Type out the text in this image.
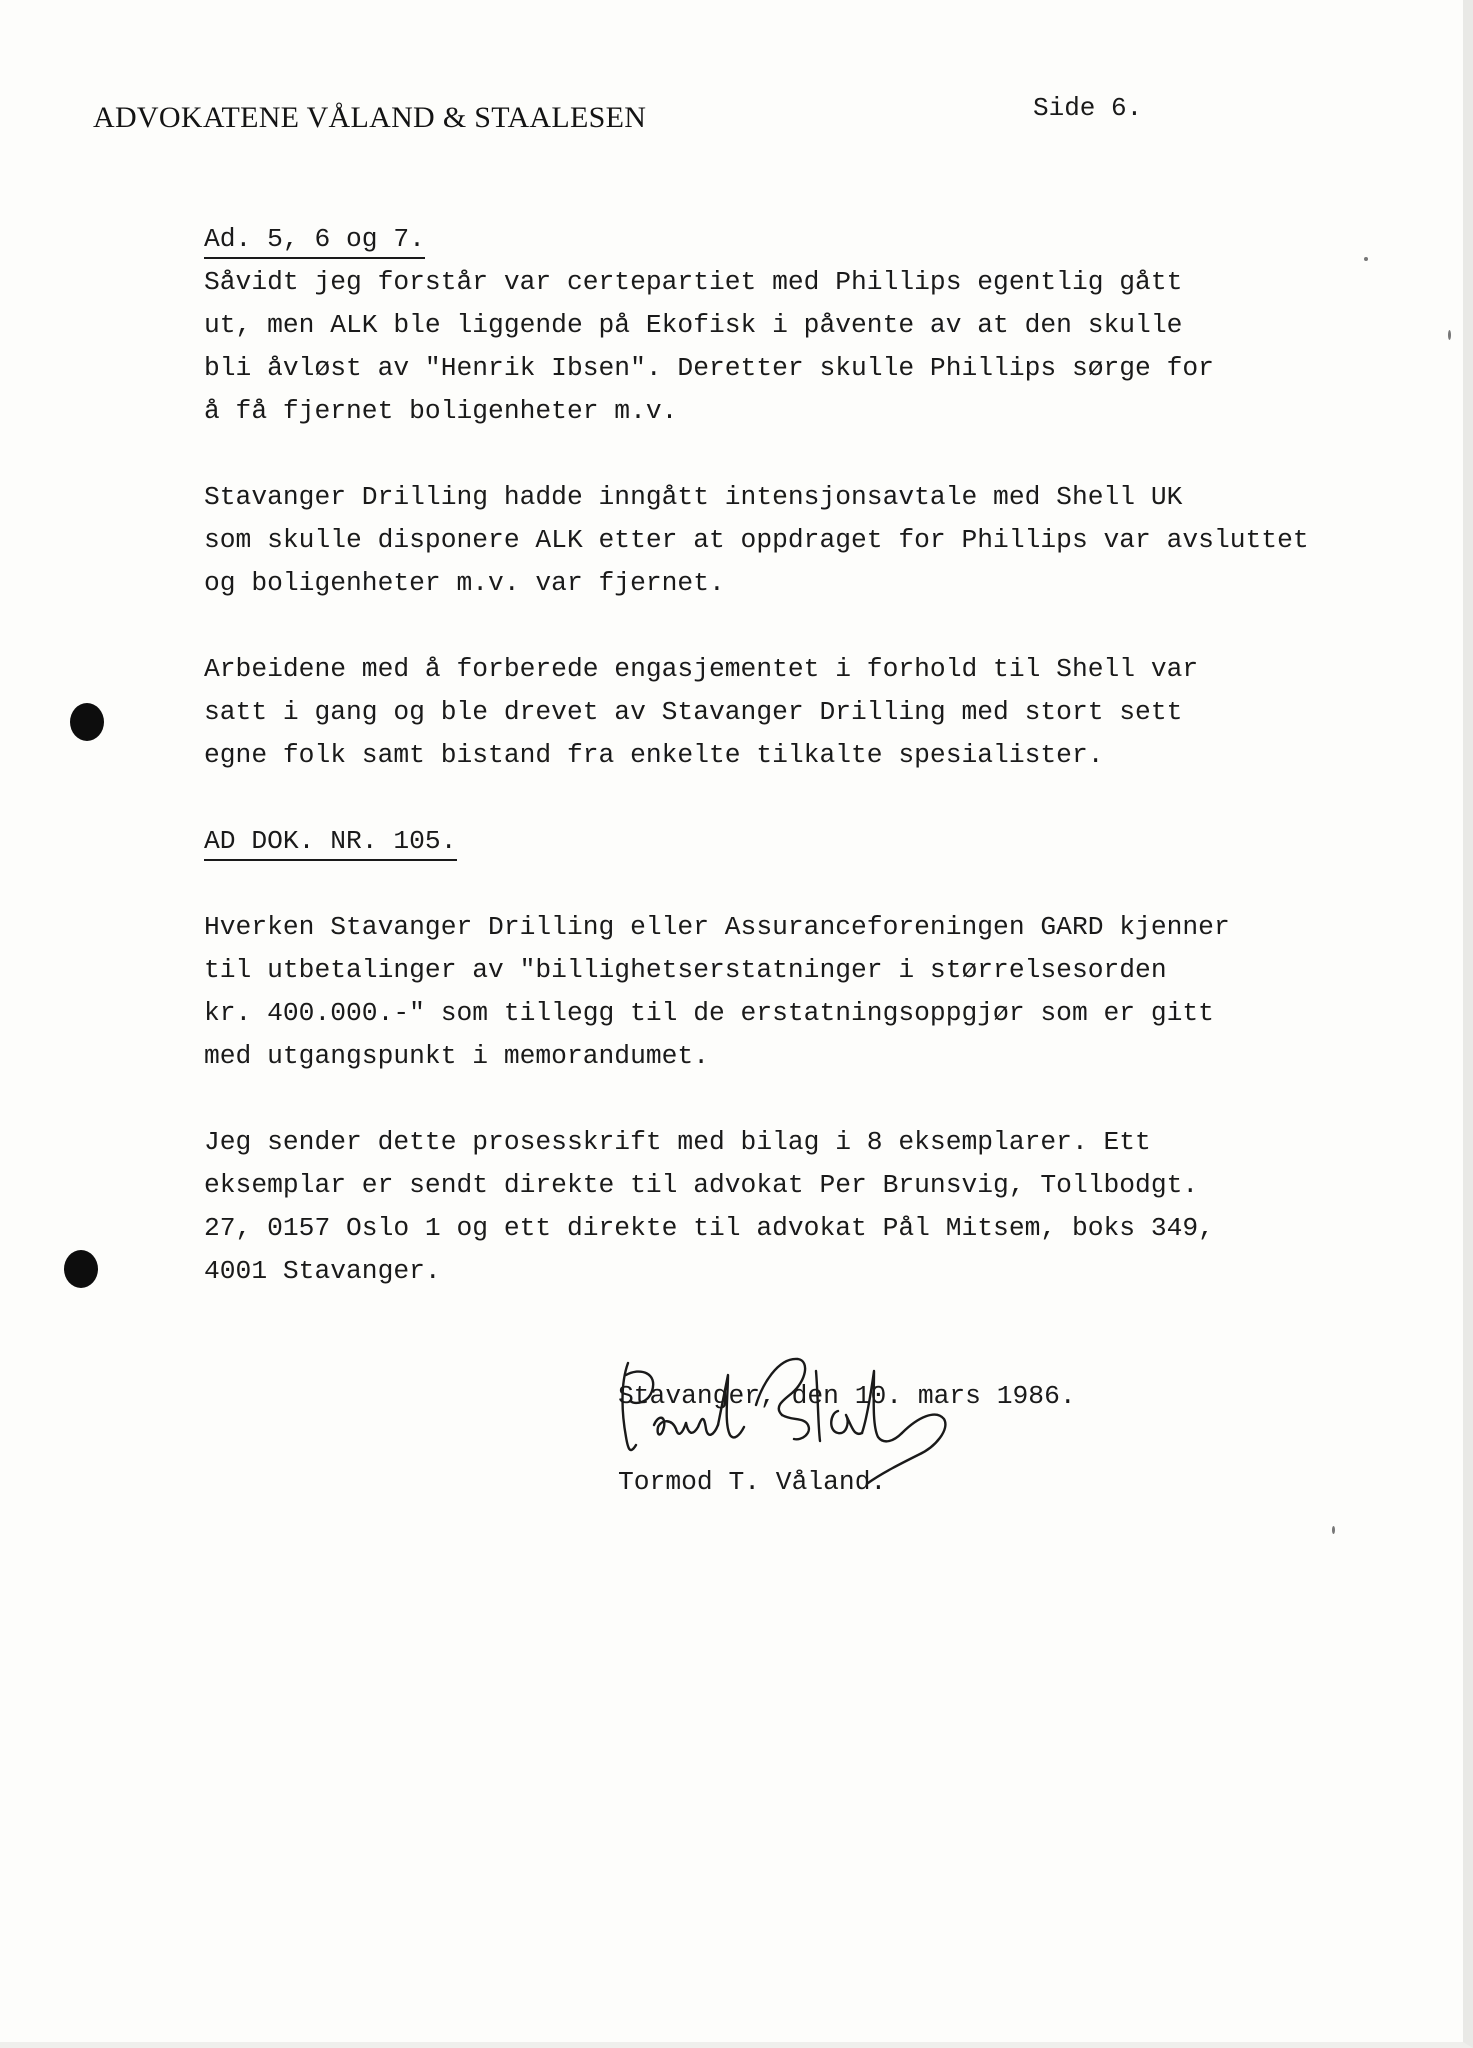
ADVOKATENE VÅLAND & STAALESEN	Side 6.
Ad. 5, 6 og 7.
Såvidt jeg forstår var certepartiet med Phillips egentlig gått
ut, men ALK ble liggende på Ekofisk i påvente av at den skulle
bli åvløst av "Henrik Ibsen". Deretter skulle Phillips sørge for
å få fjernet boligenheter m.v.
Stavanger Drilling hadde inngått intensjonsavtale med Shell UK
som skulle disponere ALK etter at oppdraget for Phillips var avsluttet
og boligenheter m.v. var fjernet.
Arbeidene med å forberede engasjementet i forhold til Shell var
satt i gang og ble drevet av Stavanger Drilling med stort sett
egne folk samt bistand fra enkelte tilkalte spesialister.
AD DOK. NR. 105.
Hverken Stavanger Drilling eller Assuranceforeningen GARD kjenner
til utbetalinger av "billighetserstatninger i størrelsesorden
kr. 400.000.-" som tillegg til de erstatningsoppgjør som er gitt
med utgangspunkt i memorandumet.
Jeg sender dette prosesskrift med bilag i 8 eksemplarer. Ett
eksemplar er sendt direkte til advokat Per Brunsvig, Tollbodgt.
27, 0157 Oslo 1 og ett direkte til advokat Pål Mitsem, boks 349,
4001 Stavanger.
Stavanger, den 10. mars 1986.
Tormod T. Våland.
